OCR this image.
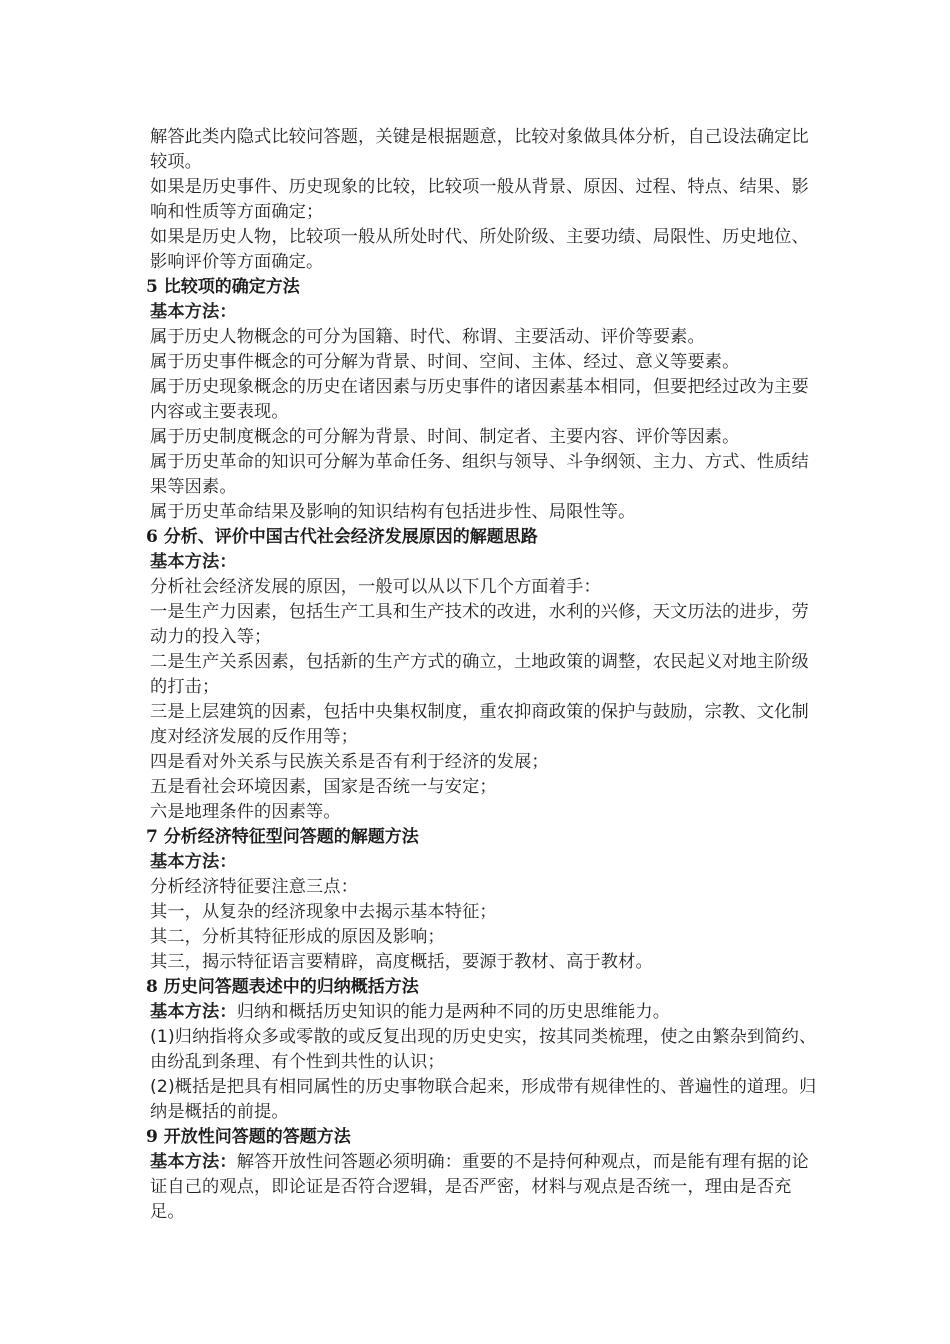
解答此类内隐式比较问答题，关键是根据题意，比较对象做具体分析，自己设法确定比较项。

如果是历史事件、历史现象的比较，比较项一般从背景、原因、过程、特点、结果、影响和性质等方面确定；

如果是历史人物，比较项一般从所处时代、所处阶级、主要功绩、局限性、历史地位、影响评价等方面确定。

5 比较项的确定方法

基本方法：

属于历史人物概念的可分为国籍、时代、称谓、主要活动、评价等要素。

属于历史事件概念的可分解为背景、时间、空间、主体、经过、意义等要素。

属于历史现象概念的历史在诸因素与历史事件的诸因素基本相同，但要把经过改为主要内容或主要表现。

属于历史制度概念的可分解为背景、时间、制定者、主要内容、评价等因素。

属于历史革命的知识可分解为革命任务、组织与领导、斗争纲领、主力、方式、性质结果等因素。

属于历史革命结果及影响的知识结构有包括进步性、局限性等。

6 分析、评价中国古代社会经济发展原因的解题思路

基本方法：

分析社会经济发展的原因，一般可以从以下几个方面着手：

一是生产力因素，包括生产工具和生产技术的改进，水利的兴修，天文历法的进步，劳动力的投入等；

二是生产关系因素，包括新的生产方式的确立，土地政策的调整，农民起义对地主阶级的打击；

三是上层建筑的因素，包括中央集权制度，重农抑商政策的保护与鼓励，宗教、文化制度对经济发展的反作用等；

四是看对外关系与民族关系是否有利于经济的发展；

五是看社会环境因素，国家是否统一与安定；

六是地理条件的因素等。

7 分析经济特征型问答题的解题方法

基本方法：

分析经济特征要注意三点：

其一，从复杂的经济现象中去揭示基本特征；

其二，分析其特征形成的原因及影响；

其三，揭示特征语言要精辟，高度概括，要源于教材、高于教材。

8 历史问答题表述中的归纳概括方法

基本方法：归纳和概括历史知识的能力是两种不同的历史思维能力。

(1)归纳指将众多或零散的或反复出现的历史史实，按其同类梳理，使之由繁杂到简约、由纷乱到条理、有个性到共性的认识；

(2)概括是把具有相同属性的历史事物联合起来，形成带有规律性的、普遍性的道理。归纳是概括的前提。

9 开放性问答题的答题方法

基本方法：解答开放性问答题必须明确：重要的不是持何种观点，而是能有理有据的论证自己的观点，即论证是否符合逻辑，是否严密，材料与观点是否统一，理由是否充足。
